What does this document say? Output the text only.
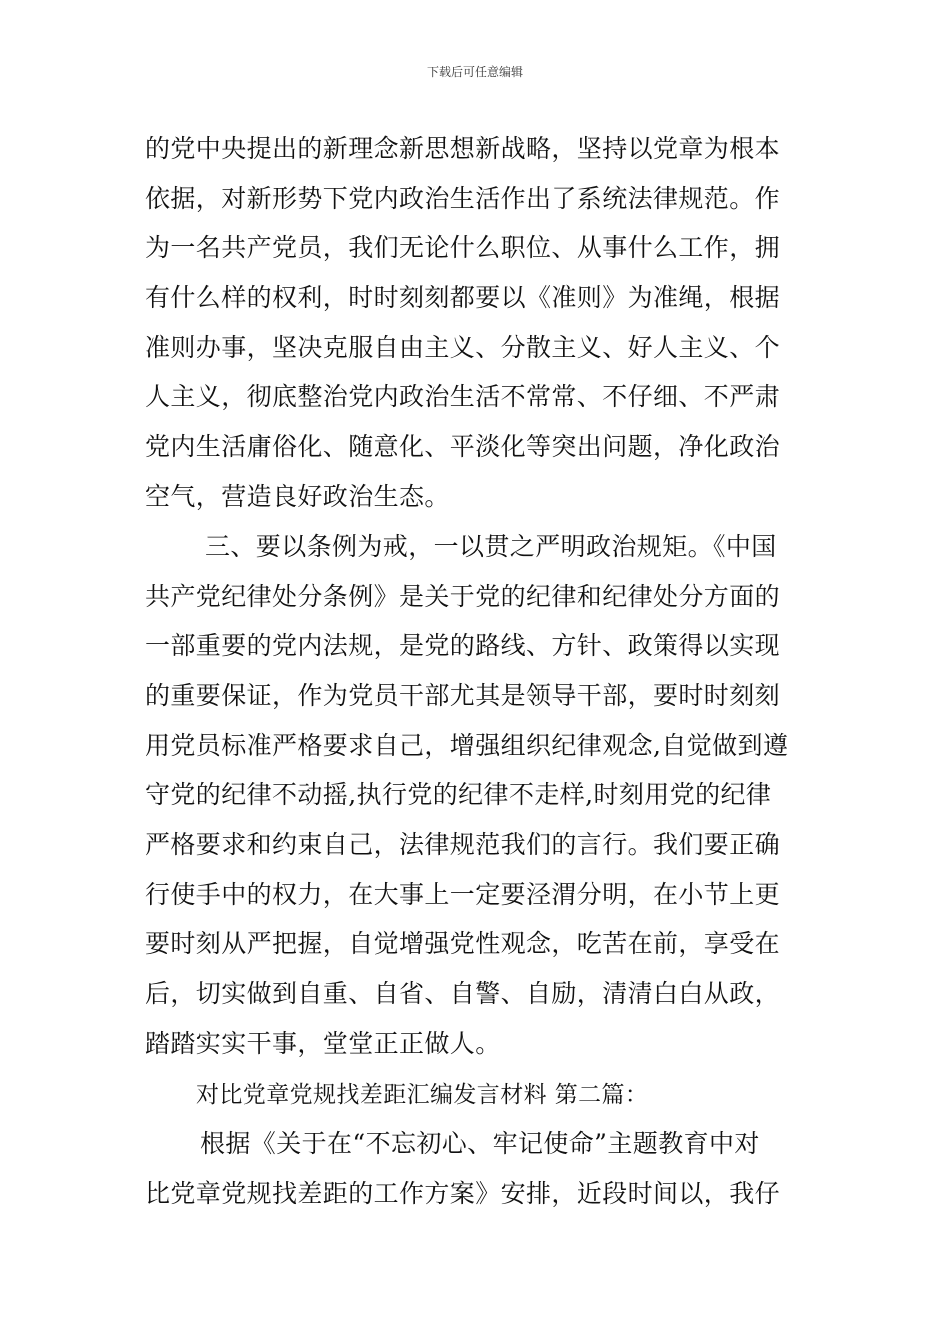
下载后可任意编辑
的党中央提出的新理念新思想新战略，坚持以党章为根本
依据，对新形势下党内政治生活作出了系统法律规范。作
为一名共产党员，我们无论什么职位、从事什么工作，拥
有什么样的权利，时时刻刻都要以《准则》为准绳，根据
准则办事，坚决克服自由主义、分散主义、好人主义、个
人主义，彻底整治党内政治生活不常常、不仔细、不严肃
党内生活庸俗化、随意化、平淡化等突出问题，净化政治
空气，营造良好政治生态。
三、要以条例为戒，一以贯之严明政治规矩。《中国
共产党纪律处分条例》是关于党的纪律和纪律处分方面的
一部重要的党内法规，是党的路线、方针、政策得以实现
的重要保证，作为党员干部尤其是领导干部，要时时刻刻
用党员标准严格要求自己，增强组织纪律观念,自觉做到遵
守党的纪律不动摇,执行党的纪律不走样,时刻用党的纪律
严格要求和约束自己，法律规范我们的言行。我们要正确
行使手中的权力，在大事上一定要泾渭分明，在小节上更
要时刻从严把握，自觉增强党性观念，吃苦在前，享受在
后，切实做到自重、自省、自警、自励，清清白白从政，
踏踏实实干事，堂堂正正做人。
对比党章党规找差距汇编发言材料 第二篇：
根据《关于在“不忘初心、牢记使命”主题教育中对
比党章党规找差距的工作方案》安排，近段时间以，我仔
